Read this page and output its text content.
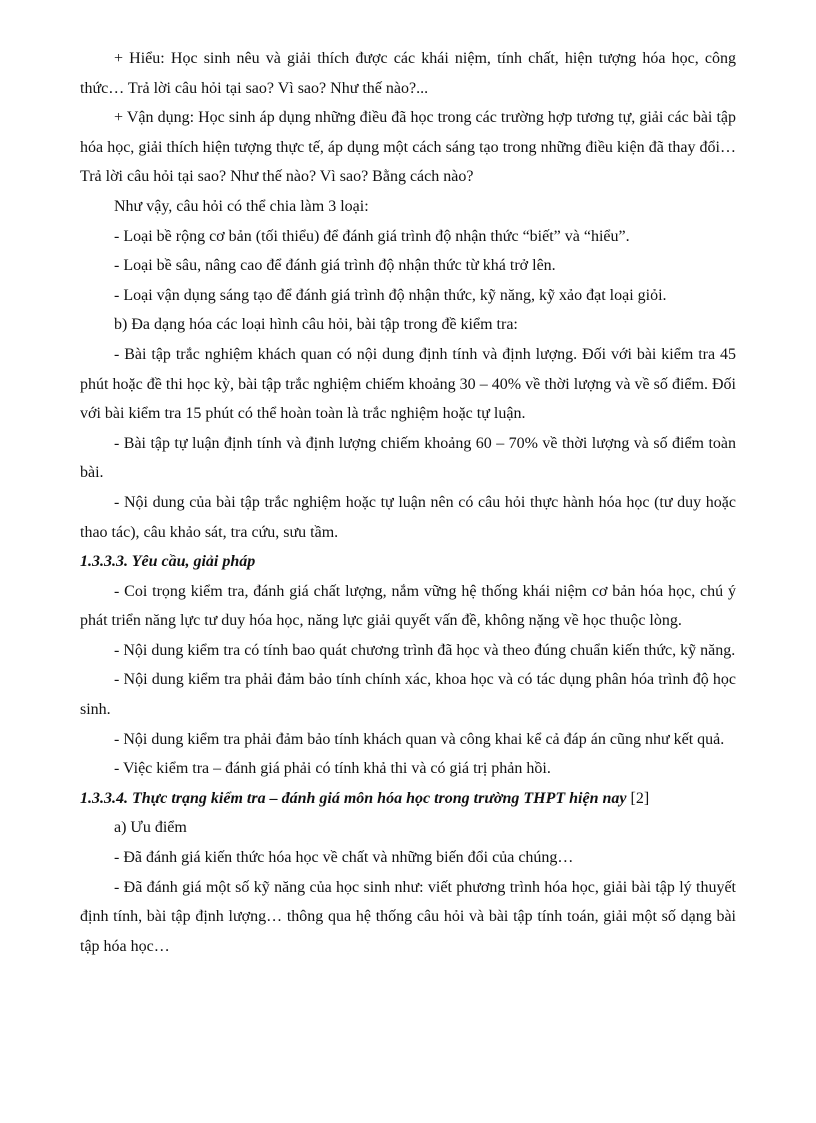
+ Hiểu: Học sinh nêu và giải thích được các khái niệm, tính chất, hiện tượng hóa học, công thức… Trả lời câu hỏi tại sao? Vì sao? Như thế nào?...

+ Vận dụng: Học sinh áp dụng những điều đã học trong các trường hợp tương tự, giải các bài tập hóa học, giải thích hiện tượng thực tế, áp dụng một cách sáng tạo trong những điều kiện đã thay đổi… Trả lời câu hỏi tại sao? Như thế nào? Vì sao? Bằng cách nào?

Như vậy, câu hỏi có thể chia làm 3 loại:

- Loại bề rộng cơ bản (tối thiểu) để đánh giá trình độ nhận thức “biết” và “hiểu”.

- Loại bề sâu, nâng cao để đánh giá trình độ nhận thức từ khá trở lên.

- Loại vận dụng sáng tạo để đánh giá trình độ nhận thức, kỹ năng, kỹ xảo đạt loại giỏi.

b) Đa dạng hóa các loại hình câu hỏi, bài tập trong đề kiểm tra:

- Bài tập trắc nghiệm khách quan có nội dung định tính và định lượng. Đối với bài kiểm tra 45 phút hoặc đề thi học kỳ, bài tập trắc nghiệm chiếm khoảng 30 – 40% về thời lượng và về số điểm. Đối với bài kiểm tra 15 phút có thể hoàn toàn là trắc nghiệm hoặc tự luận.

- Bài tập tự luận định tính và định lượng chiếm khoảng 60 – 70% về thời lượng và số điểm toàn bài.

- Nội dung của bài tập trắc nghiệm hoặc tự luận nên có câu hỏi thực hành hóa học (tư duy hoặc thao tác), câu khảo sát, tra cứu, sưu tầm.

1.3.3.3. Yêu cầu, giải pháp

- Coi trọng kiểm tra, đánh giá chất lượng, nắm vững hệ thống khái niệm cơ bản hóa học, chú ý phát triển năng lực tư duy hóa học, năng lực giải quyết vấn đề, không nặng về học thuộc lòng.

- Nội dung kiểm tra có tính bao quát chương trình đã học và theo đúng chuẩn kiến thức, kỹ năng.

- Nội dung kiểm tra phải đảm bảo tính chính xác, khoa học và có tác dụng phân hóa trình độ học sinh.

- Nội dung kiểm tra phải đảm bảo tính khách quan và công khai kể cả đáp án cũng như kết quả.

- Việc kiểm tra – đánh giá phải có tính khả thi và có giá trị phản hồi.

1.3.3.4. Thực trạng kiểm tra – đánh giá môn hóa học trong trường THPT hiện nay [2]

a) Ưu điểm

- Đã đánh giá kiến thức hóa học về chất và những biến đổi của chúng…

- Đã đánh giá một số kỹ năng của học sinh như: viết phương trình hóa học, giải bài tập lý thuyết định tính, bài tập định lượng… thông qua hệ thống câu hỏi và bài tập tính toán, giải một số dạng bài tập hóa học…
